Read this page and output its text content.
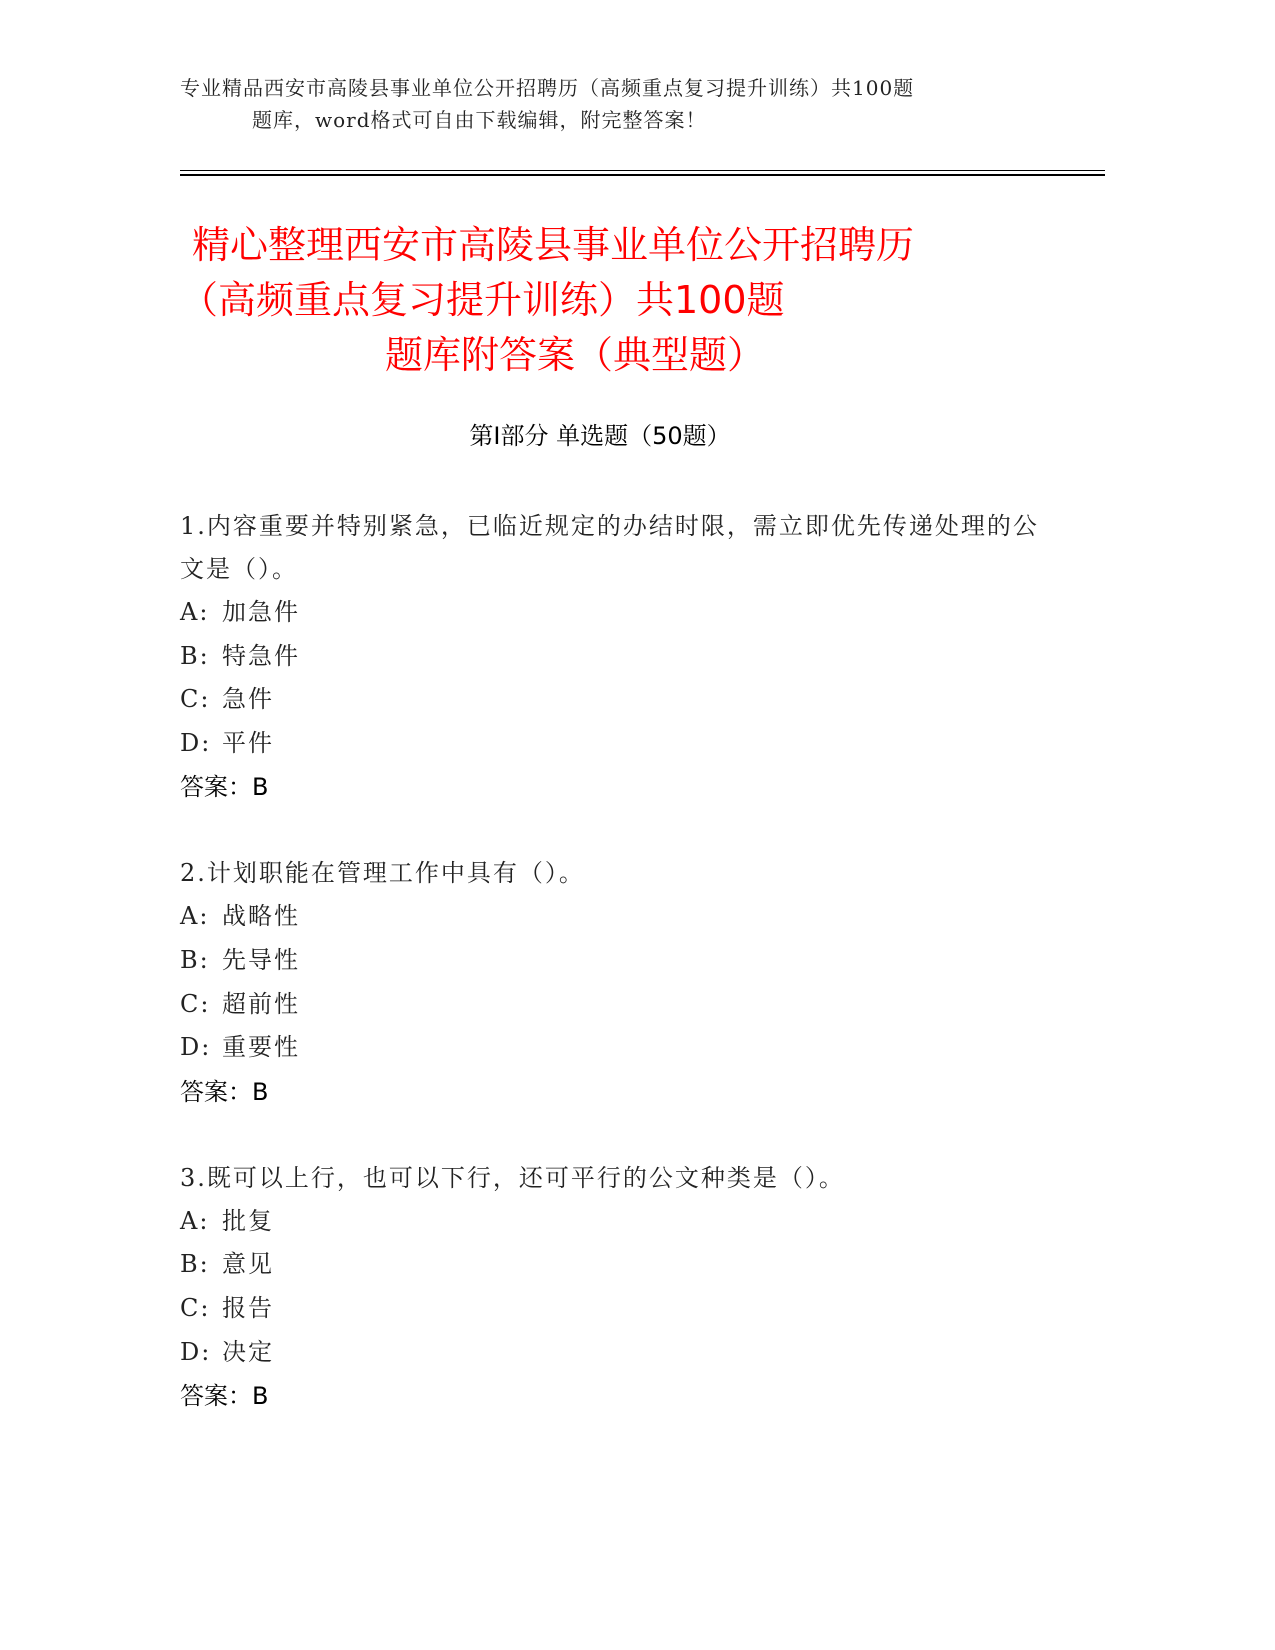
专业精品西安市高陵县事业单位公开招聘历（高频重点复习提升训练）共100题
题库，word格式可自由下载编辑，附完整答案！
精心整理西安市高陵县事业单位公开招聘历
（高频重点复习提升训练）共100题
题库附答案（典型题）
第Ⅰ部分 单选题（50题）
1.内容重要并特别紧急，已临近规定的办结时限，需立即优先传递处理的公文是（）。
A: 加急件
B: 特急件
C: 急件
D: 平件
答案：B
2.计划职能在管理工作中具有（）。
A: 战略性
B: 先导性
C: 超前性
D: 重要性
答案：B
3.既可以上行，也可以下行，还可平行的公文种类是（）。
A: 批复
B: 意见
C: 报告
D: 决定
答案：B
